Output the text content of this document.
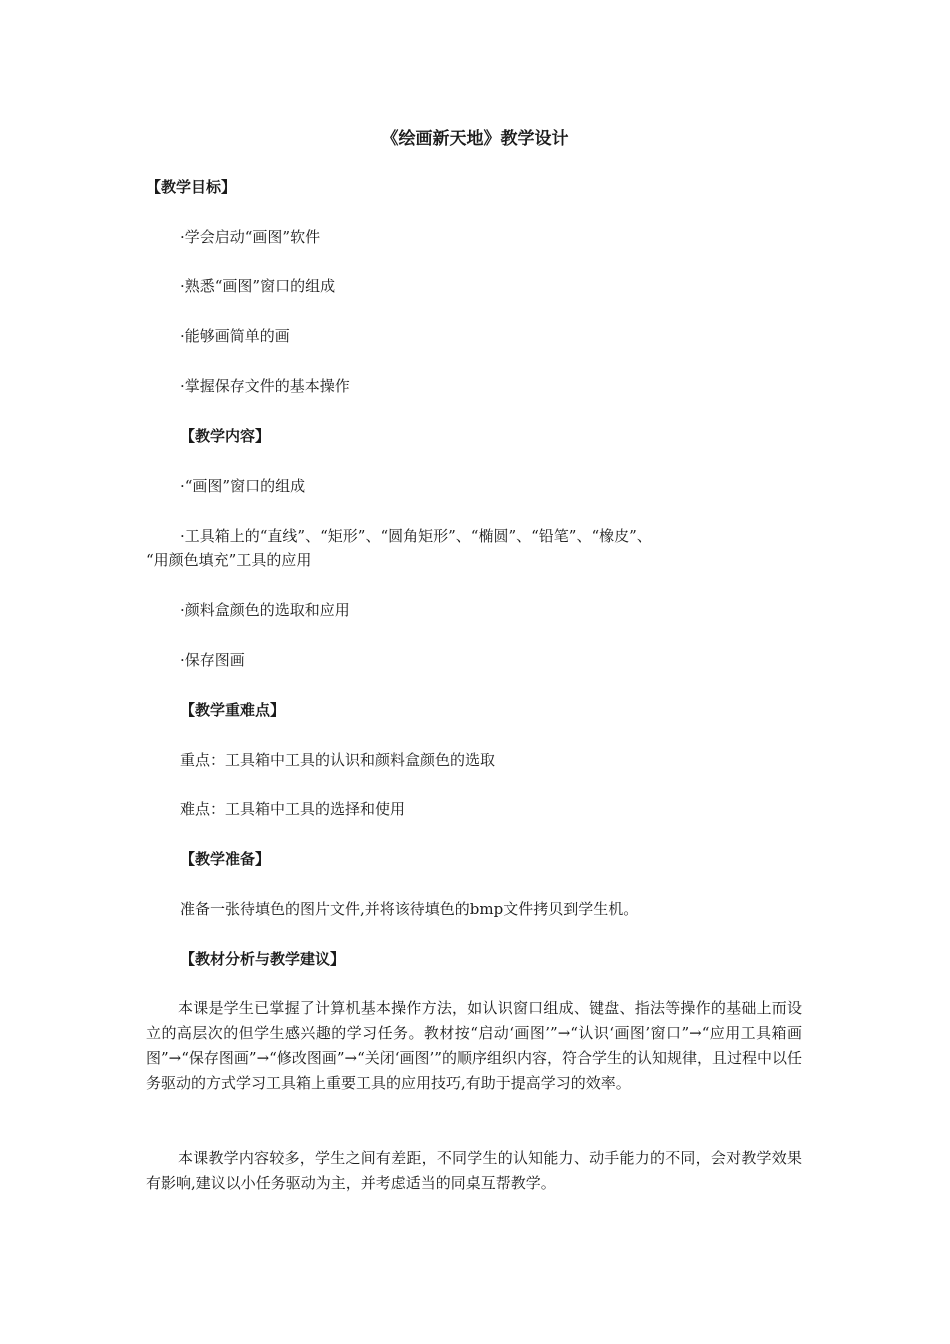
《绘画新天地》教学设计
【教学目标】
·学会启动“画图”软件
·熟悉“画图”窗口的组成
·能够画简单的画
·掌握保存文件的基本操作
【教学内容】
·“画图”窗口的组成
·工具箱上的“直线”、“矩形”、“圆角矩形”、“椭圆”、“铅笔”、“橡皮”、
“用颜色填充”工具的应用
·颜料盒颜色的选取和应用
·保存图画
【教学重难点】
重点：工具箱中工具的认识和颜料盒颜色的选取
难点：工具箱中工具的选择和使用
【教学准备】
准备一张待填色的图片文件,并将该待填色的bmp文件拷贝到学生机。
【教材分析与教学建议】
本课是学生已掌握了计算机基本操作方法，如认识窗口组成、键盘、指法等操作的基础上而设立的高层次的但学生感兴趣的学习任务。教材按“启动‘画图’”→“认识‘画图’窗口”→“应用工具箱画图”→“保存图画”→“修改图画”→“关闭‘画图’”的顺序组织内容，符合学生的认知规律，且过程中以任务驱动的方式学习工具箱上重要工具的应用技巧,有助于提高学习的效率。
本课教学内容较多，学生之间有差距，不同学生的认知能力、动手能力的不同，会对教学效果有影响,建议以小任务驱动为主，并考虑适当的同桌互帮教学。
